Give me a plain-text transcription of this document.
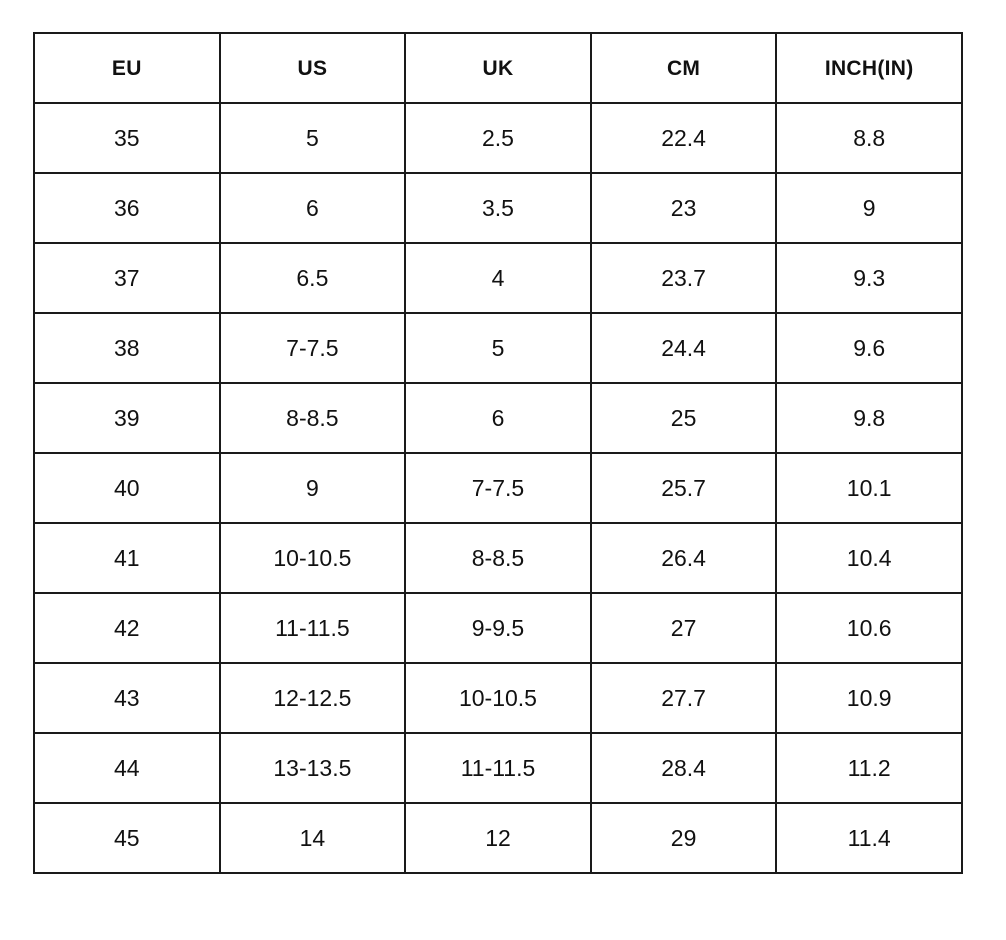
EU	US	UK	CM	INCH(IN)
35	5	2.5	22.4	8.8
36	6	3.5	23	9
37	6.5	4	23.7	9.3
38	7-7.5	5	24.4	9.6
39	8-8.5	6	25	9.8
40	9	7-7.5	25.7	10.1
41	10-10.5	8-8.5	26.4	10.4
42	11-11.5	9-9.5	27	10.6
43	12-12.5	10-10.5	27.7	10.9
44	13-13.5	11-11.5	28.4	11.2
45	14	12	29	11.4
